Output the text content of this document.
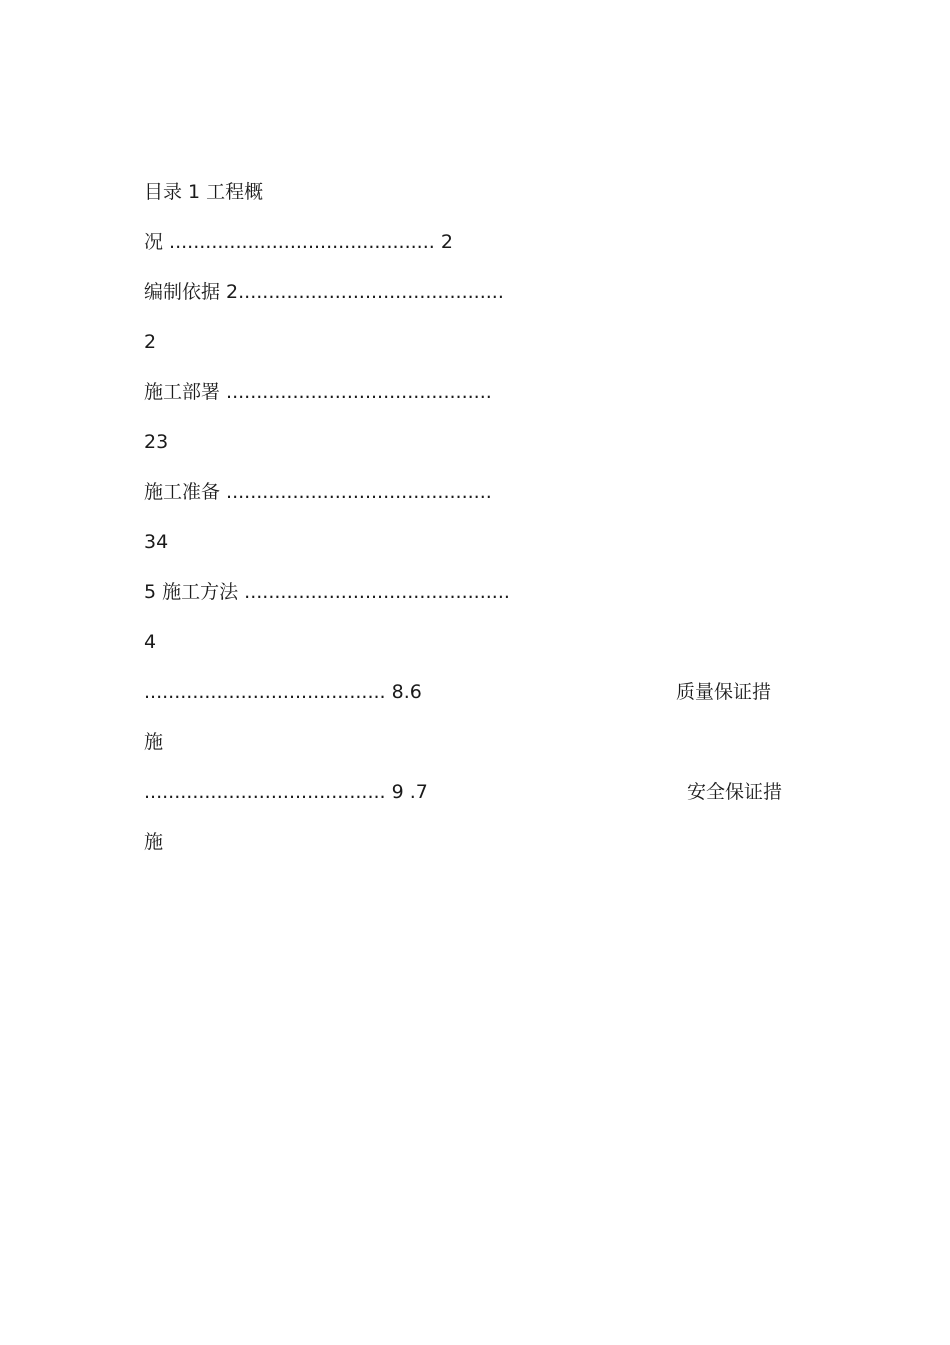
目录 1 工程概
况 ............................................ 2
编制依据 2............................................
2
施工部署 ............................................
23
施工准备 ............................................
34
5 施工方法 ............................................
4
........................................ 8.6	质量保证措
施
........................................ 9 .7	安全保证措
施
